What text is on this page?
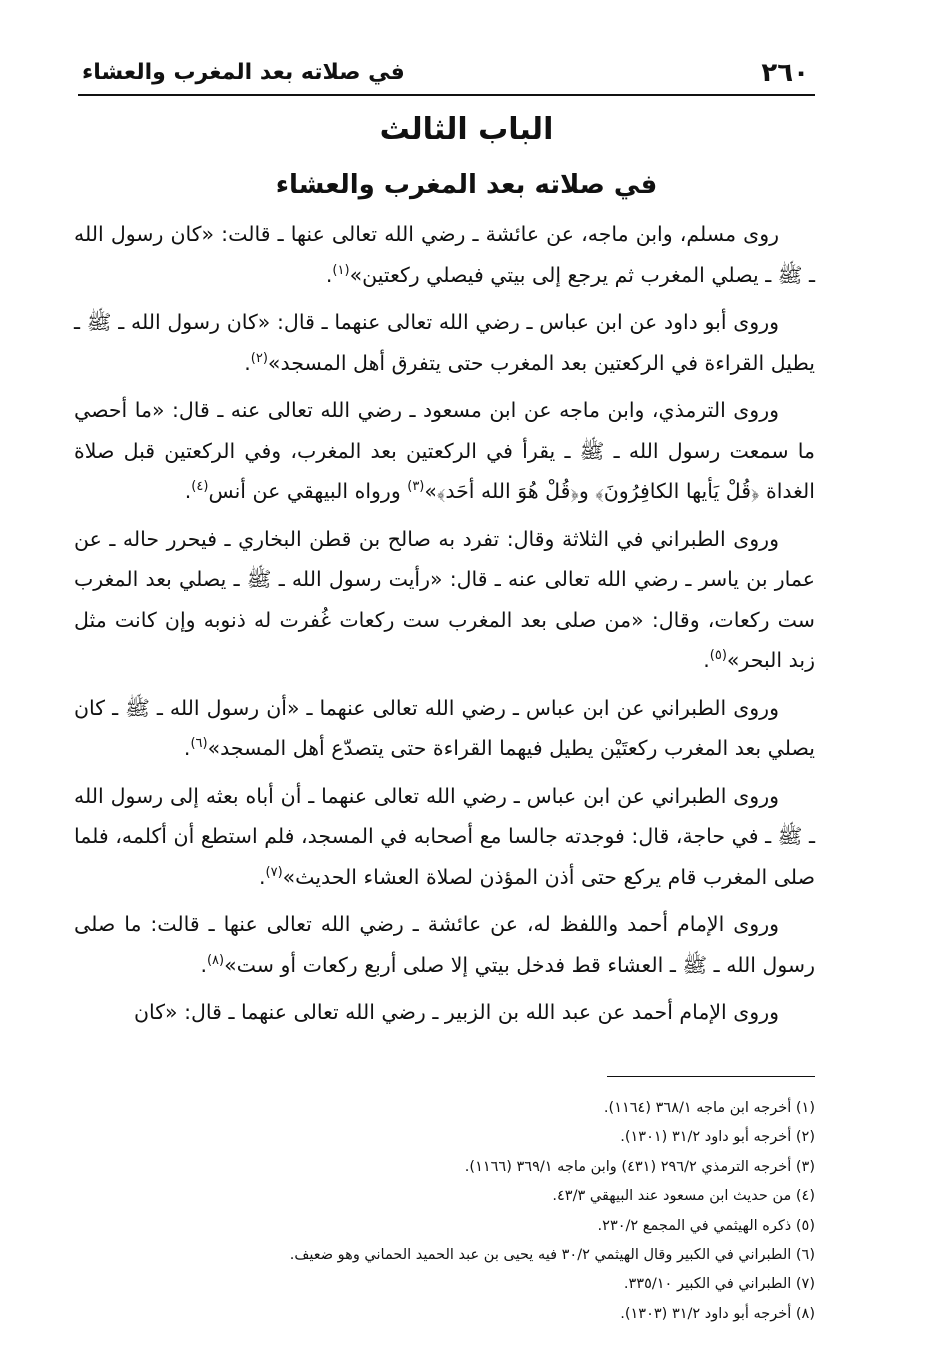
٢٦٠
في صلاته بعد المغرب والعشاء
الباب الثالث
في صلاته بعد المغرب والعشاء

روى مسلم، وابن ماجه، عن عائشة ـ رضي الله تعالى عنها ـ قالت: «كان رسول الله ـ ﷺ ـ يصلي المغرب ثم يرجع إلى بيتي فيصلي ركعتين»$^{(١)}$.

وروى أبو داود عن ابن عباس ـ رضي الله تعالى عنهما ـ قال: «كان رسول الله ـ ﷺ ـ يطيل القراءة في الركعتين بعد المغرب حتى يتفرق أهل المسجد»$^{(٢)}$.

وروى الترمذي، وابن ماجه عن ابن مسعود ـ رضي الله تعالى عنه ـ قال: «ما أحصي ما سمعت رسول الله ـ ﷺ ـ يقرأ في الركعتين بعد المغرب، وفي الركعتين قبل صلاة الغداة ﴿قُلْ يَأيها الكافِرُونَ﴾ و﴿قُلْ هُوَ الله أحَد﴾»$^{(٣)}$ ورواه البيهقي عن أنس$^{(٤)}$.

وروى الطبراني في الثلاثة وقال: تفرد به صالح بن قطن البخاري ـ فيحرر حاله ـ عن عمار بن ياسر ـ رضي الله تعالى عنه ـ قال: «رأيت رسول الله ـ ﷺ ـ يصلي بعد المغرب ست ركعات، وقال: «من صلى بعد المغرب ست ركعات غُفرت له ذنوبه وإن كانت مثل زبد البحر»$^{(٥)}$.

وروى الطبراني عن ابن عباس ـ رضي الله تعالى عنهما ـ «أن رسول الله ـ ﷺ ـ كان يصلي بعد المغرب ركعتَيْن يطيل فيهما القراءة حتى يتصدّع أهل المسجد»$^{(٦)}$.

وروى الطبراني عن ابن عباس ـ رضي الله تعالى عنهما ـ أن أباه بعثه إلى رسول الله ـ ﷺ ـ في حاجة، قال: فوجدته جالسا مع أصحابه في المسجد، فلم استطع أن أكلمه، فلما صلى المغرب قام يركع حتى أذن المؤذن لصلاة العشاء الحديث»$^{(٧)}$.

وروى الإمام أحمد واللفظ له، عن عائشة ـ رضي الله تعالى عنها ـ قالت: ما صلى رسول الله ـ ﷺ ـ العشاء قط فدخل بيتي إلا صلى أربع ركعات أو ست»$^{(٨)}$.

وروى الإمام أحمد عن عبد الله بن الزبير ـ رضي الله تعالى عنهما ـ قال: «كان

(١) أخرجه ابن ماجه ٣٦٨/١ (١١٦٤).
(٢) أخرجه أبو داود ٣١/٢ (١٣٠١).
(٣) أخرجه الترمذي ٢٩٦/٢ (٤٣١) وابن ماجه ٣٦٩/١ (١١٦٦).
(٤) من حديث ابن مسعود عند البيهقي ٤٣/٣.
(٥) ذكره الهيثمي في المجمع ٢٣٠/٢.
(٦) الطبراني في الكبير وقال الهيثمي ٣٠/٢ فيه يحيى بن عبد الحميد الحماني وهو ضعيف.
(٧) الطبراني في الكبير ٣٣٥/١٠.
(٨) أخرجه أبو داود ٣١/٢ (١٣٠٣).
